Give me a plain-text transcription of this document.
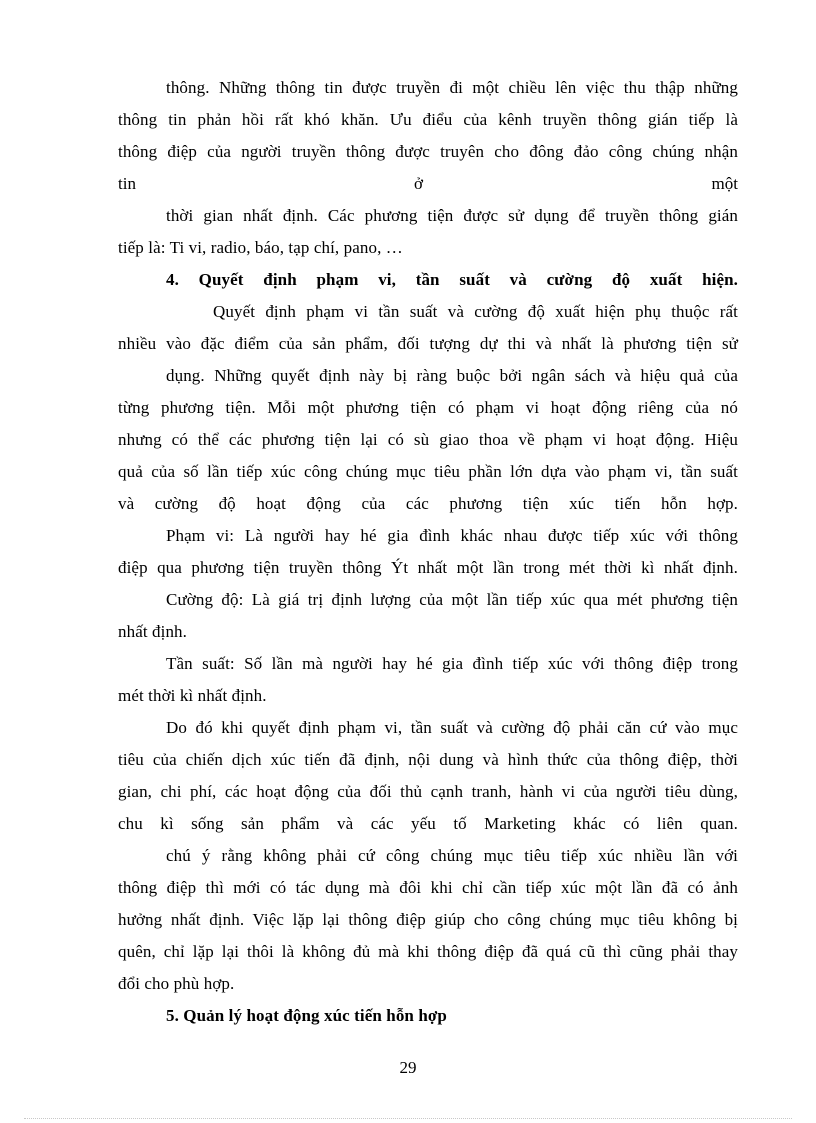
thông. Những thông tin được truyền đi một chiều lên việc thu thập những
thông tin phản hồi rất khó khăn. Ưu điểu của kênh truyền thông gián tiếp là
thông điệp của người truyền thông được truyên cho đông đảo công chúng nhận
tin	ở	một
thời gian nhất định. Các phương tiện được sử dụng để truyền thông gián
tiếp là: Ti vi, radio, báo, tạp chí, pano, …
4. Quyết định phạm vi, tần suất và cường độ xuất hiện.
Quyết định phạm vi tần suất và cường độ xuất hiện phụ thuộc rất
nhiều vào đặc điểm của sản phẩm, đối tượng dự thi và nhất là phương tiện sử
dụng. Những quyết định này bị ràng buộc bởi ngân sách và hiệu quả của
từng phương tiện. Mỗi một phương tiện có phạm vi hoạt động riêng của nó
nhưng có thể các phương tiện lại có sù giao thoa về phạm vi hoạt động. Hiệu
quả của số lần tiếp xúc công chúng mục tiêu phần lớn dựa vào phạm vi, tần suất
và cường độ hoạt động của các phương tiện xúc tiến hỗn hợp.
Phạm vi: Là người hay hé gia đình khác nhau được tiếp xúc với thông
điệp qua phương tiện truyền thông Ýt nhất một lần trong mét thời kì nhất định.
Cường độ: Là giá trị định lượng của một lần tiếp xúc qua mét phương tiện
nhất định.
Tần suất: Số lần mà người hay hé gia đình tiếp xúc với thông điệp trong
mét thời kì nhất định.
Do đó khi quyết định phạm vi, tần suất và cường độ phải căn cứ vào mục
tiêu của chiến dịch xúc tiến đã định, nội dung và hình thức của thông điệp, thời
gian, chi phí, các hoạt động của đối thủ cạnh tranh, hành vi của người tiêu dùng,
chu kì sống sản phẩm và các yếu tố Marketing khác có liên quan.
chú ý rằng không phải cứ công chúng mục tiêu tiếp xúc nhiều lần với
thông điệp thì mới có tác dụng mà đôi khi chỉ cần tiếp xúc một lần đã có ảnh
hưởng nhất định. Việc lặp lại thông điệp giúp cho công chúng mục tiêu không bị
quên, chỉ lặp lại thôi là không đủ mà khi thông điệp đã quá cũ thì cũng phải thay
đổi cho phù hợp.
5. Quản lý hoạt động xúc tiến hỗn hợp
29
